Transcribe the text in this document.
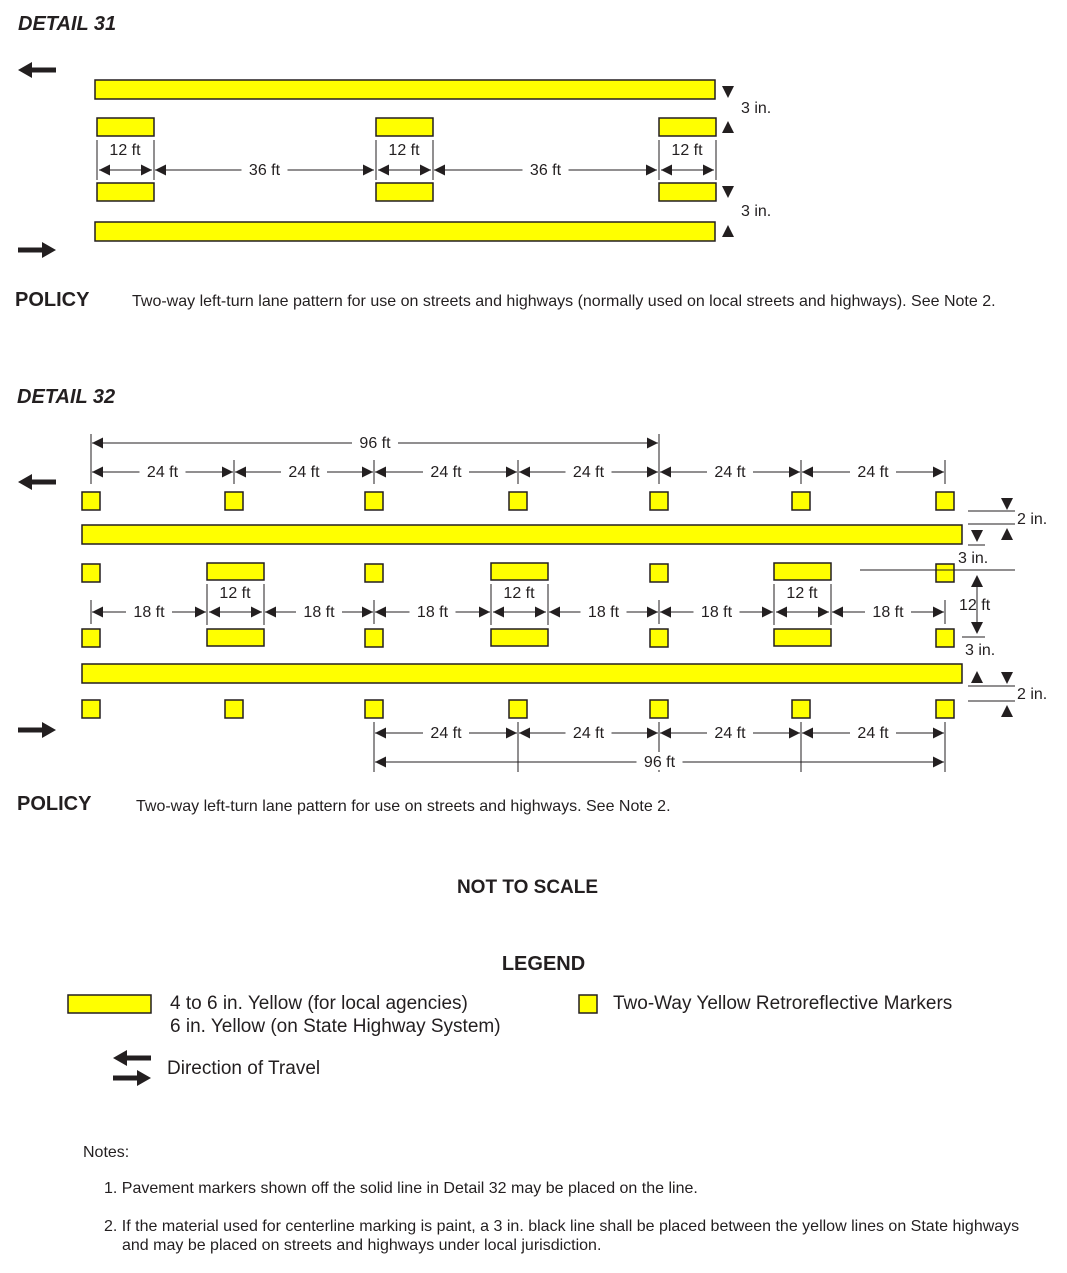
DETAIL 31
POLICY	Two-way left-turn lane pattern for use on streets and highways (normally used on local streets and highways). See Note 2.
DETAIL 32
POLICY	Two-way left-turn lane pattern for use on streets and highways. See Note 2.
NOT TO SCALE
LEGEND
4 to 6 in. Yellow (for local agencies)
6 in. Yellow (on State Highway System)
Two-Way Yellow Retroreflective Markers
Direction of Travel
Notes:
1. Pavement markers shown off the solid line in Detail 32 may be placed on the line.
2. If the material used for centerline marking is paint, a 3 in. black line shall be placed between the yellow lines on State highways and may be placed on streets and highways under local jurisdiction.
12 ft	12 ft	12 ft
36 ft	36 ft
3 in.
3 in.
12 ft	12 ft	12 ft
18 ft	18 ft	18 ft	18 ft	18 ft	18 ft
96 ft
24 ft	24 ft	24 ft	24 ft	24 ft	24 ft
24 ft	24 ft	24 ft	24 ft
96 ft
2 in.
3 in.
12 ft
3 in.
2 in.
